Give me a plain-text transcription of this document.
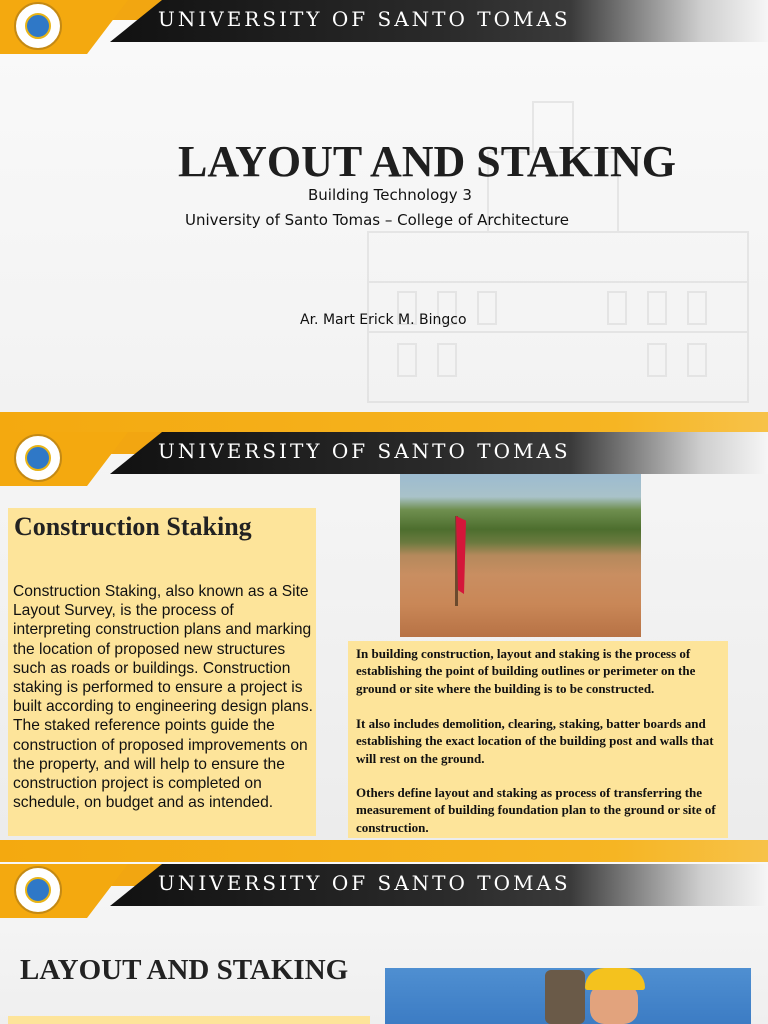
UNIVERSITY OF SANTO TOMAS
LAYOUT AND STAKING
Building Technology 3
University of Santo Tomas – College of Architecture
Ar. Mart Erick M. Bingco
UNIVERSITY OF SANTO TOMAS
Construction Staking

Construction Staking, also known as a Site Layout Survey, is the process of interpreting construction plans and marking the location of proposed new structures such as roads or buildings. Construction staking is performed to ensure a project is built according to engineering design plans. The staked reference points guide the construction of proposed improvements on the property, and will help to ensure the construction project is completed on schedule, on budget and as intended.

In building construction, layout and staking is the process of establishing the point of building outlines or perimeter on the ground or site where the building is to be constructed.

It also includes demolition, clearing, staking, batter boards and establishing the exact location of the building post and walls that will rest on the ground.

Others define layout and staking as process of transferring the measurement of building foundation plan to the ground or site of construction.

UNIVERSITY OF SANTO TOMAS
LAYOUT AND STAKING
